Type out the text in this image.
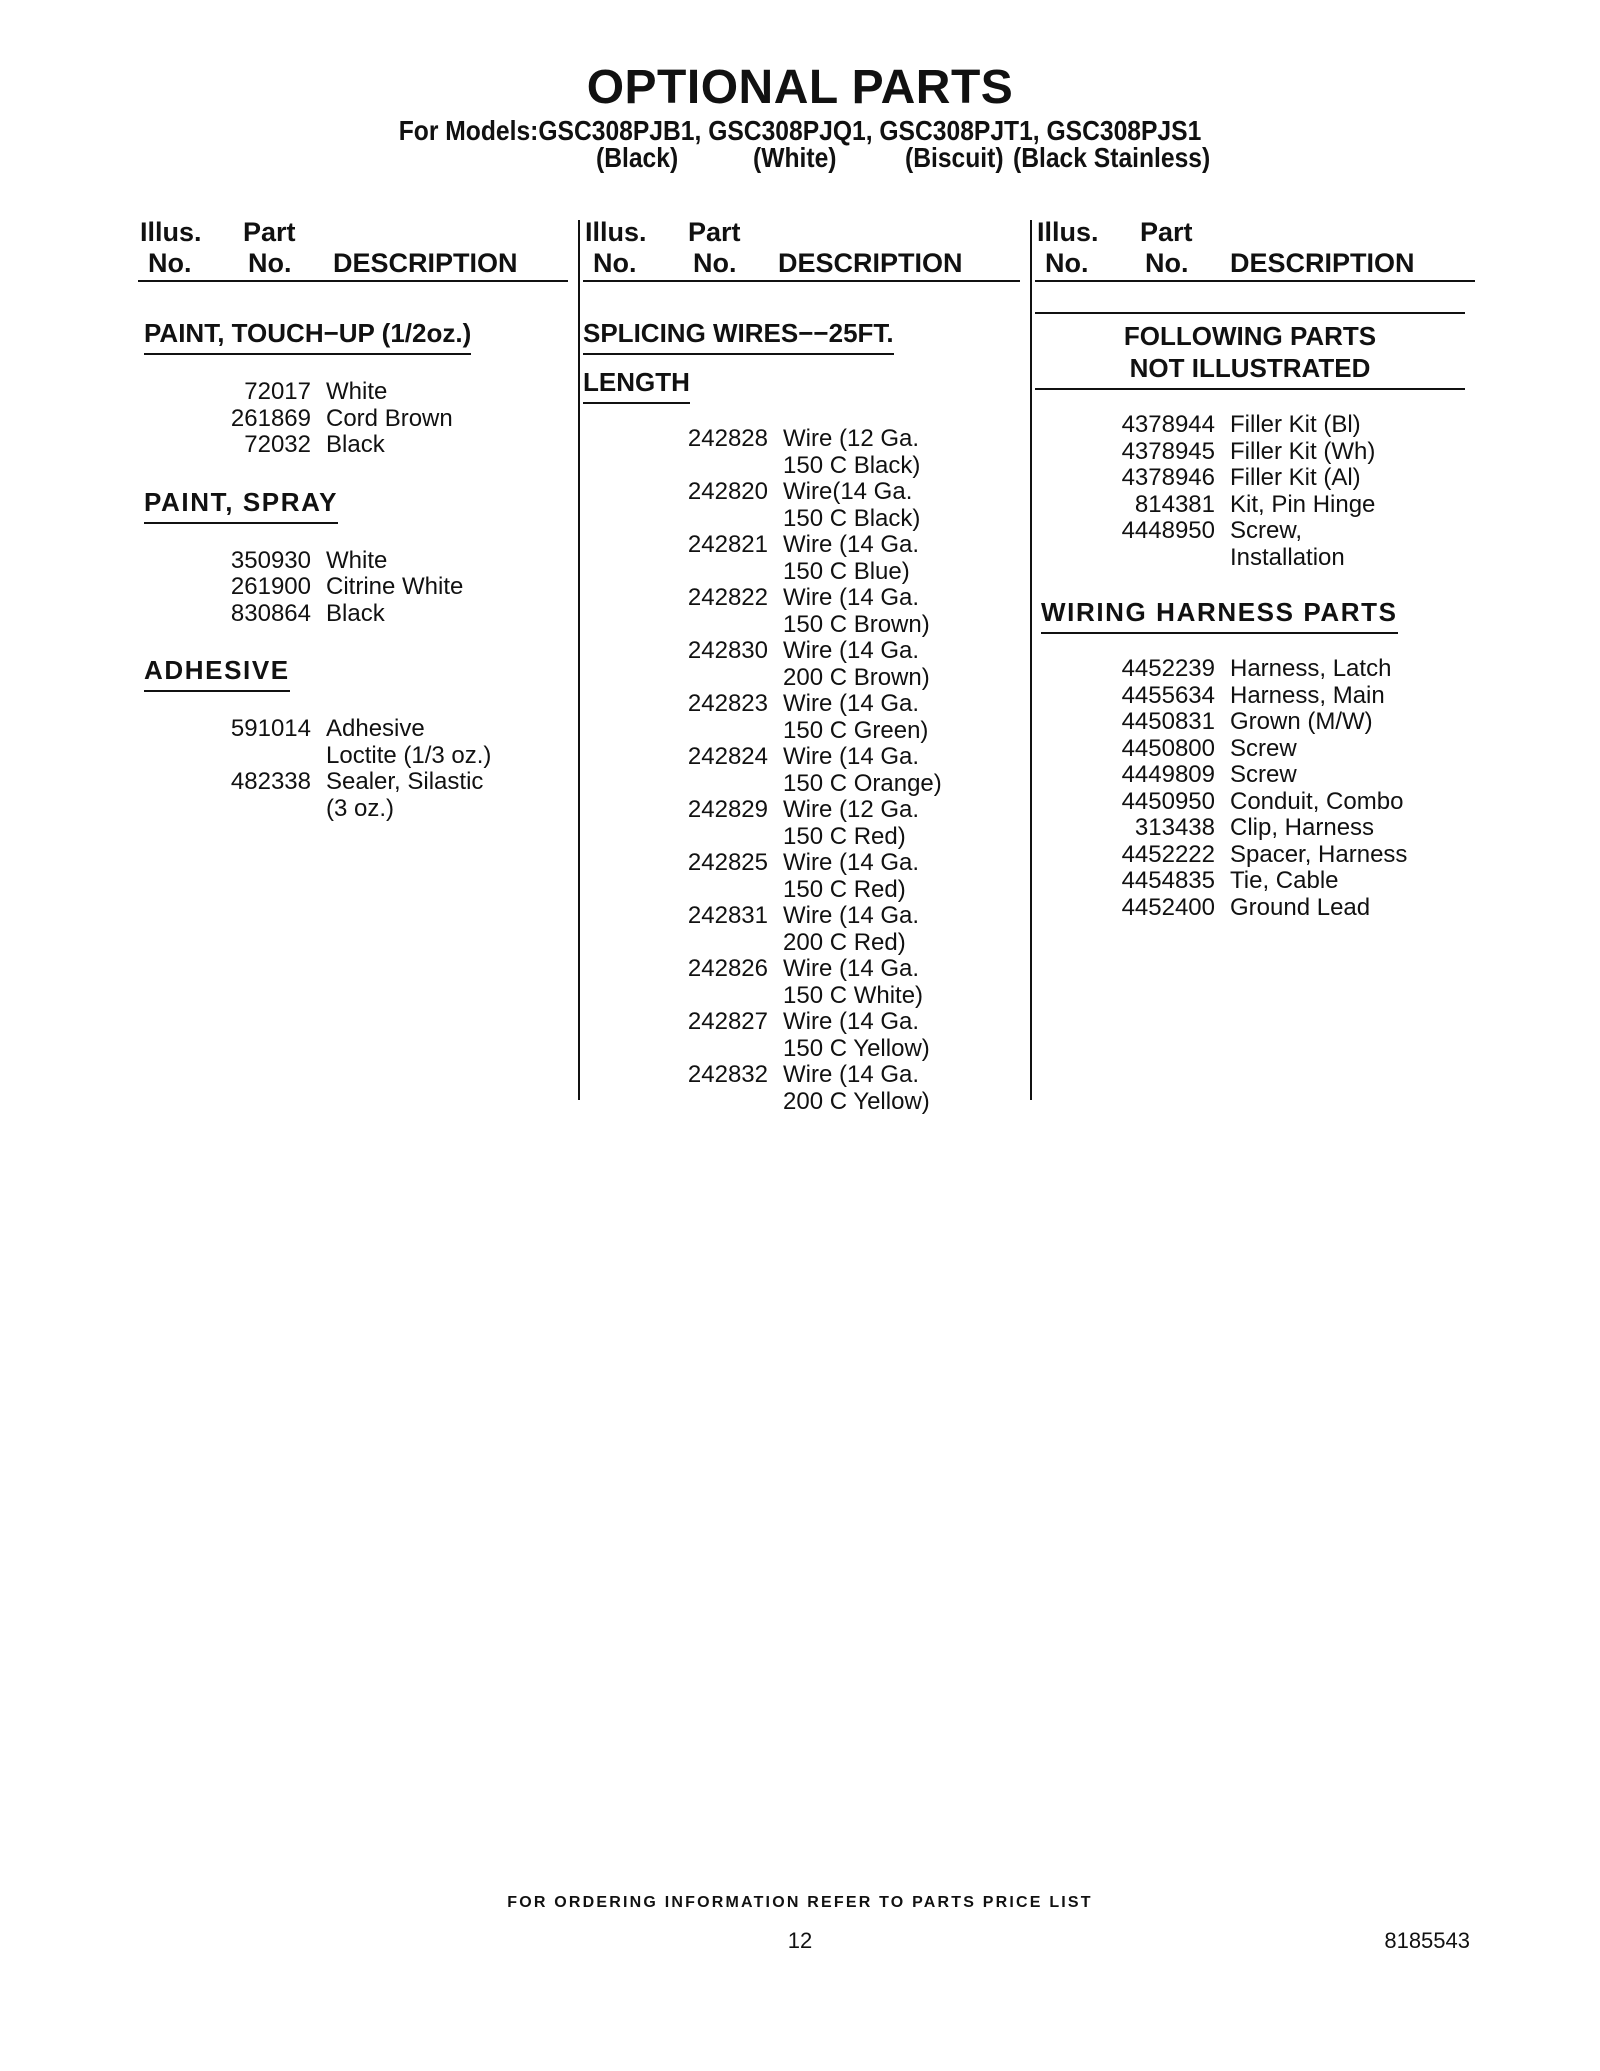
OPTIONAL PARTS
For Models:GSC308PJB1, GSC308PJQ1, GSC308PJT1, GSC308PJS1
(Black)	(White) (Biscuit) (Black Stainless)
Illus.
No.
Part
No. DESCRIPTION
PAINT, TOUCH−UP (1/2oz.)
72017 White
261869 Cord Brown
72032 Black
PAINT, SPRAY
350930 White
261900 Citrine White
830864 Black
ADHESIVE
591014 Adhesive
Loctite (1/3 oz.)
482338 Sealer, Silastic
(3 oz.)
Illus.
No.
Part
No. DESCRIPTION
SPLICING WIRES−−25FT.
LENGTH
242828 Wire (12 Ga.
150 C Black)
242820 Wire(14 Ga.
150 C Black)
242821 Wire (14 Ga.
150 C Blue)
242822 Wire (14 Ga.
150 C Brown)
242830 Wire (14 Ga.
200 C Brown)
242823 Wire (14 Ga.
150 C Green)
242824 Wire (14 Ga.
150 C Orange)
242829 Wire (12 Ga.
150 C Red)
242825 Wire (14 Ga.
150 C Red)
242831 Wire (14 Ga.
200 C Red)
242826 Wire (14 Ga.
150 C White)
242827 Wire (14 Ga.
150 C Yellow)
242832 Wire (14 Ga.
200 C Yellow)
Illus.
No.
Part
No. DESCRIPTION
FOLLOWING PARTS
NOT ILLUSTRATED
4378944 Filler Kit (Bl)
4378945 Filler Kit (Wh)
4378946 Filler Kit (Al)
814381 Kit, Pin Hinge
4448950 Screw,
Installation
WIRING HARNESS PARTS
4452239 Harness, Latch
4455634 Harness, Main
4450831 Grown (M/W)
4450800 Screw
4449809 Screw
4450950 Conduit, Combo
313438 Clip, Harness
4452222 Spacer, Harness
4454835 Tie, Cable
4452400 Ground Lead
FOR ORDERING INFORMATION REFER TO PARTS PRICE LIST
12	8185543
